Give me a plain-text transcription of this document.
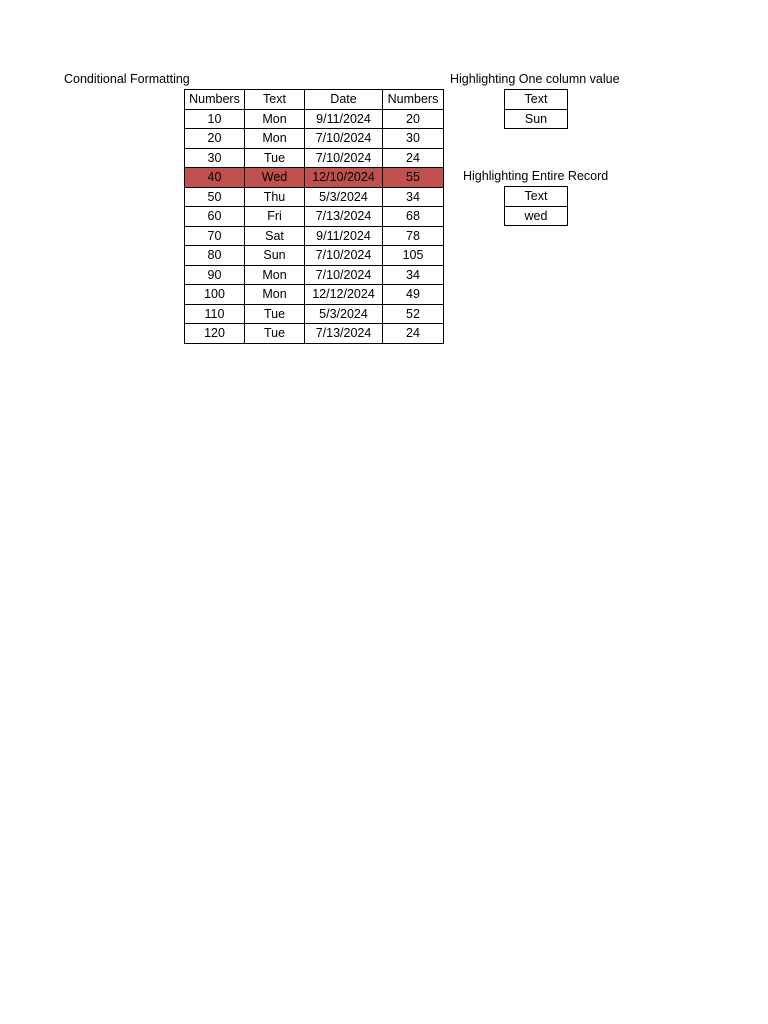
Conditional Formatting	Highlighting One column value
Highlighting Entire Record
Numbers	Text	Date	Numbers
10	Mon	9/11/2024	20
20	Mon	7/10/2024	30
30	Tue	7/10/2024	24
40	Wed	12/10/2024	55
50	Thu	5/3/2024	34
60	Fri	7/13/2024	68
70	Sat	9/11/2024	78
80	Sun	7/10/2024	105
90	Mon	7/10/2024	34
100	Mon	12/12/2024	49
110	Tue	5/3/2024	52
120	Tue	7/13/2024	24
Text
Sun
Text
wed
